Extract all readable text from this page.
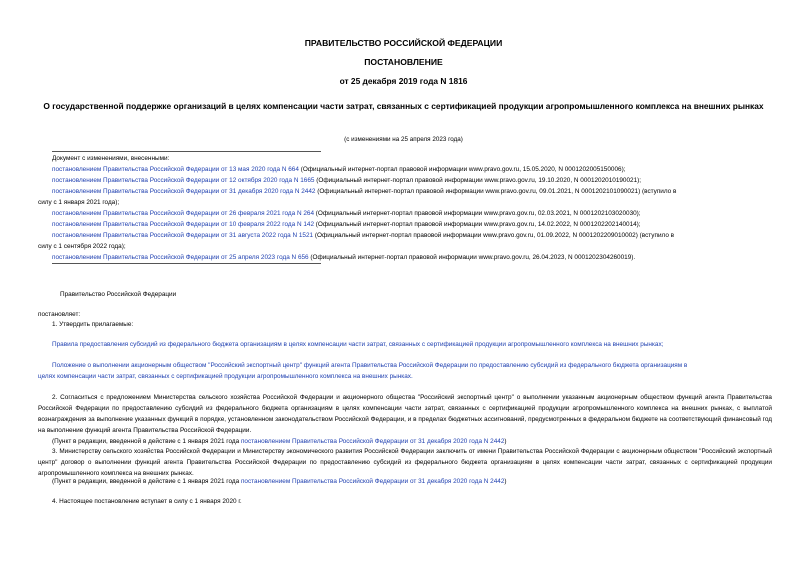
ПРАВИТЕЛЬСТВО РОССИЙСКОЙ ФЕДЕРАЦИИ
ПОСТАНОВЛЕНИЕ
от 25 декабря 2019 года N 1816
О государственной поддержке организаций в целях компенсации части затрат, связанных с сертификацией продукции агропромышленного комплекса на внешних рынках
(с изменениями на 25 апреля 2023 года)
Документ с изменениями, внесенными:
постановлением Правительства Российской Федерации от 13 мая 2020 года N 664 (Официальный интернет-портал правовой информации www.pravo.gov.ru, 15.05.2020, N 0001202005150006);
постановлением Правительства Российской Федерации от 12 октября 2020 года N 1665 (Официальный интернет-портал правовой информации www.pravo.gov.ru, 19.10.2020, N 0001202010190021);
постановлением Правительства Российской Федерации от 31 декабря 2020 года N 2442 (Официальный интернет-портал правовой информации www.pravo.gov.ru, 09.01.2021, N 0001202101090021) (вступило в
силу с 1 января 2021 года);
постановлением Правительства Российской Федерации от 26 февраля 2021 года N 264 (Официальный интернет-портал правовой информации www.pravo.gov.ru, 02.03.2021, N 0001202103020030);
постановлением Правительства Российской Федерации от 10 февраля 2022 года N 142 (Официальный интернет-портал правовой информации www.pravo.gov.ru, 14.02.2022, N 0001202202140014);
постановлением Правительства Российской Федерации от 31 августа 2022 года N 1521 (Официальный интернет-портал правовой информации www.pravo.gov.ru, 01.09.2022, N 0001202209010002) (вступило в
силу с 1 сентября 2022 года);
постановлением Правительства Российской Федерации от 25 апреля 2023 года N 656 (Официальный интернет-портал правовой информации www.pravo.gov.ru, 26.04.2023, N 0001202304260019).
Правительство Российской Федерации
постановляет:
1. Утвердить прилагаемые:
Правила предоставления субсидий из федерального бюджета организациям в целях компенсации части затрат, связанных с сертификацией продукции агропромышленного комплекса на внешних рынках;
Положение о выполнении акционерным обществом "Российский экспортный центр" функций агента Правительства Российской Федерации по предоставлению субсидий из федерального бюджета организациям в
целях компенсации части затрат, связанных с сертификацией продукции агропромышленного комплекса на внешних рынках.
2. Согласиться с предложением Министерства сельского хозяйства Российской Федерации и акционерного общества "Российский экспортный центр" о выполнении указанным акционерным обществом функций агента Правительства Российской Федерации по предоставлению субсидий из федерального бюджета организациям в целях компенсации части затрат, связанных с сертификацией продукции агропромышленного комплекса на внешних рынках, с выплатой вознаграждения за выполнение указанных функций в порядке, установленном законодательством Российской Федерации, и в пределах бюджетных ассигнований, предусмотренных в федеральном бюджете на соответствующий финансовый год на выполнение функций агента Правительства Российской Федерации.
(Пункт в редакции, введенной в действие с 1 января 2021 года постановлением Правительства Российской Федерации от 31 декабря 2020 года N 2442)
3. Министерству сельского хозяйства Российской Федерации и Министерству экономического развития Российской Федерации заключить от имени Правительства Российской Федерации с акционерным обществом "Российский экспортный центр" договор о выполнении функций агента Правительства Российской Федерации по предоставлению субсидий из федерального бюджета организациям в целях компенсации части затрат, связанных с сертификацией продукции агропромышленного комплекса на внешних рынках.
(Пункт в редакции, введенной в действие с 1 января 2021 года постановлением Правительства Российской Федерации от 31 декабря 2020 года N 2442)
4. Настоящее постановление вступает в силу с 1 января 2020 г.
